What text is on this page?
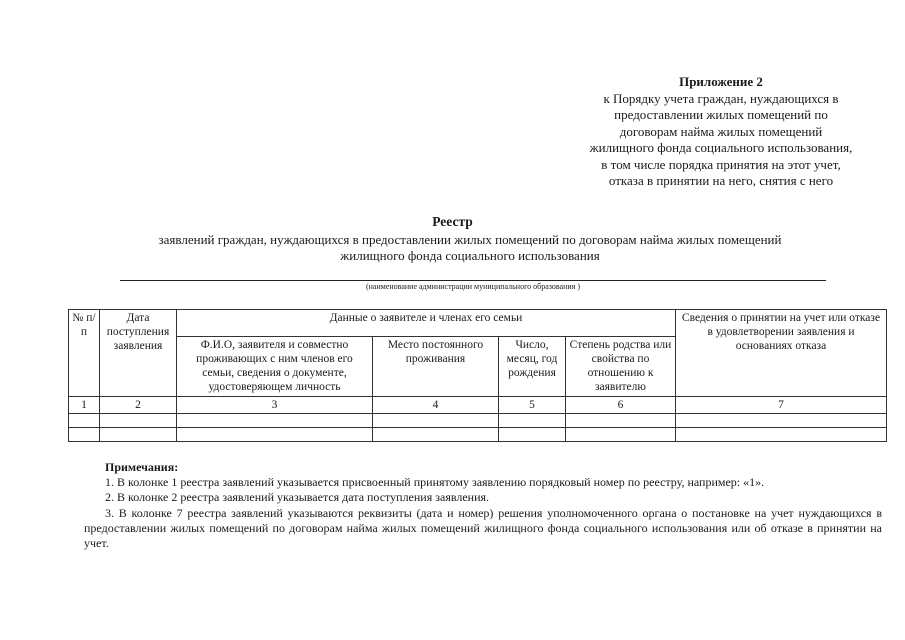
Приложение 2
к Порядку учета граждан, нуждающихся в
предоставлении жилых помещений по
договорам найма жилых помещений
жилищного фонда социального использования,
в том числе порядка принятия на этот учет,
отказа в принятии на него, снятия с него
Реестр
заявлений граждан, нуждающихся в предоставлении жилых помещений по договорам найма жилых помещений
жилищного фонда социального использования
(наименование администрации муниципального образования )
№ п/п	Дата поступления заявления	Данные о заявителе и членах его семьи				Сведения о принятии на учет или отказе в удовлетворении заявления и основаниях отказа
		Ф.И.О, заявителя и совместно проживающих с ним членов его семьи, сведения о документе, удостоверяющем личность	Место постоянного проживания	Число, месяц, год рождения	Степень родства или свойства по отношению к заявителю	
1	2	3	4	5	6	7

Примечания:

1. В колонке 1 реестра заявлений указывается присвоенный принятому заявлению порядковый номер по реестру, например: «1».

2. В колонке 2 реестра заявлений указывается дата поступления заявления.

3. В колонке 7 реестра заявлений указываются реквизиты (дата и номер) решения уполномоченного органа о постановке на учет нуждающихся в предоставлении жилых помещений по договорам найма жилых помещений жилищного фонда социального использования или об отказе в принятии на учет.
